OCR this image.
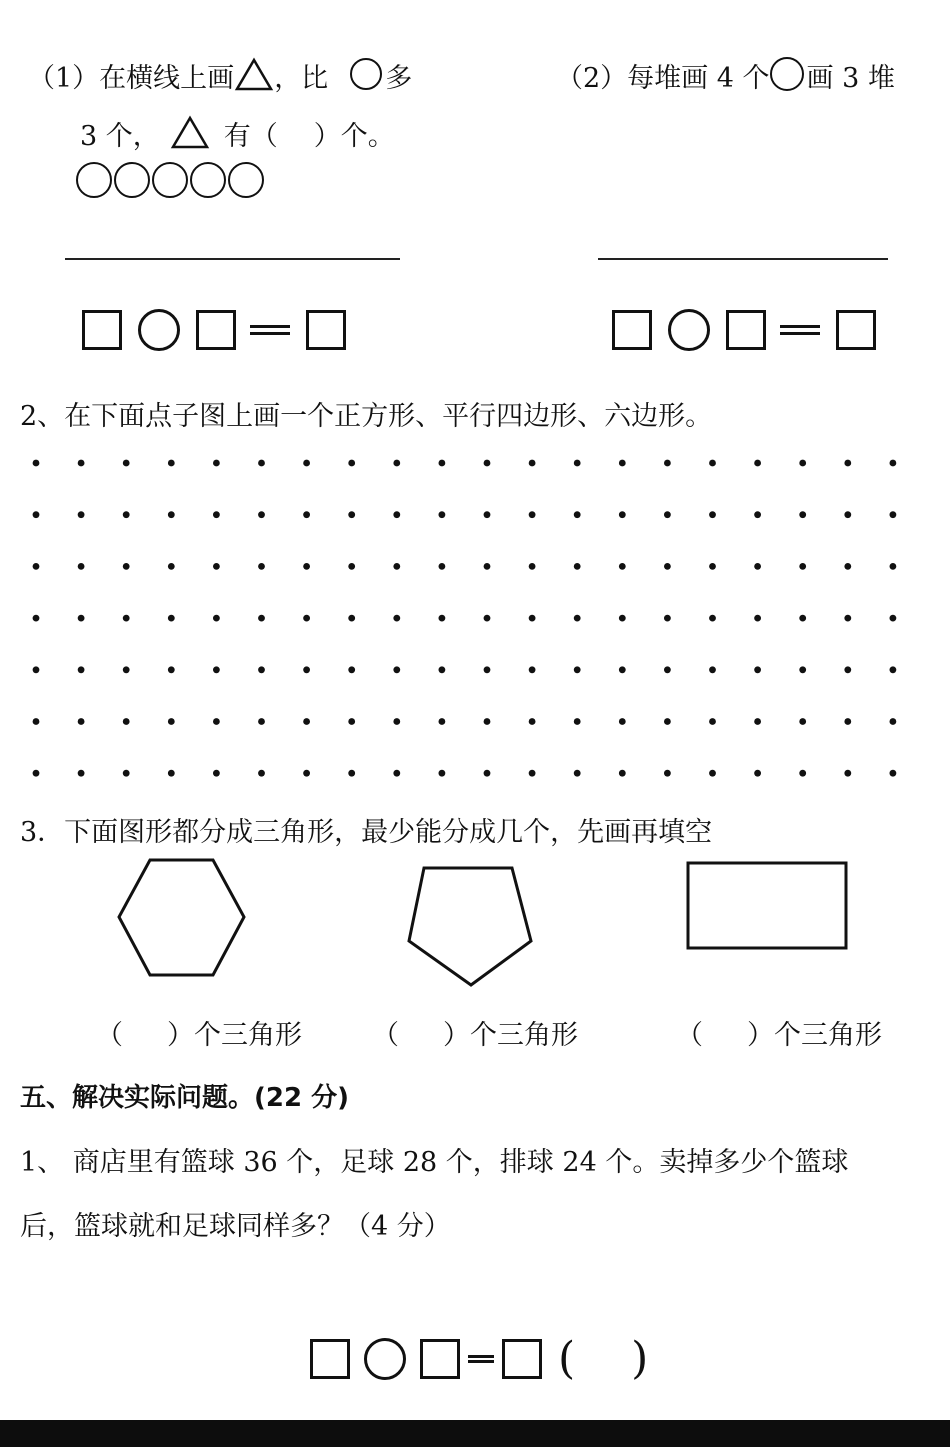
（1）在横线上画 ，比 多
3 个， 有（ ）个。
（2）每堆画 4 个 画 3 堆
2、在下面点子图上画一个正方形、平行四边形、六边形。
3．下面图形都分成三角形，最少能分成几个，先画再填空
（ ）个三角形	（ ）个三角形	（ ）个三角形
五、解决实际问题。(22 分)
1、 商店里有篮球 36 个，足球 28 个，排球 24 个。卖掉多少个篮球
后，篮球就和足球同样多？（4 分）
( )
